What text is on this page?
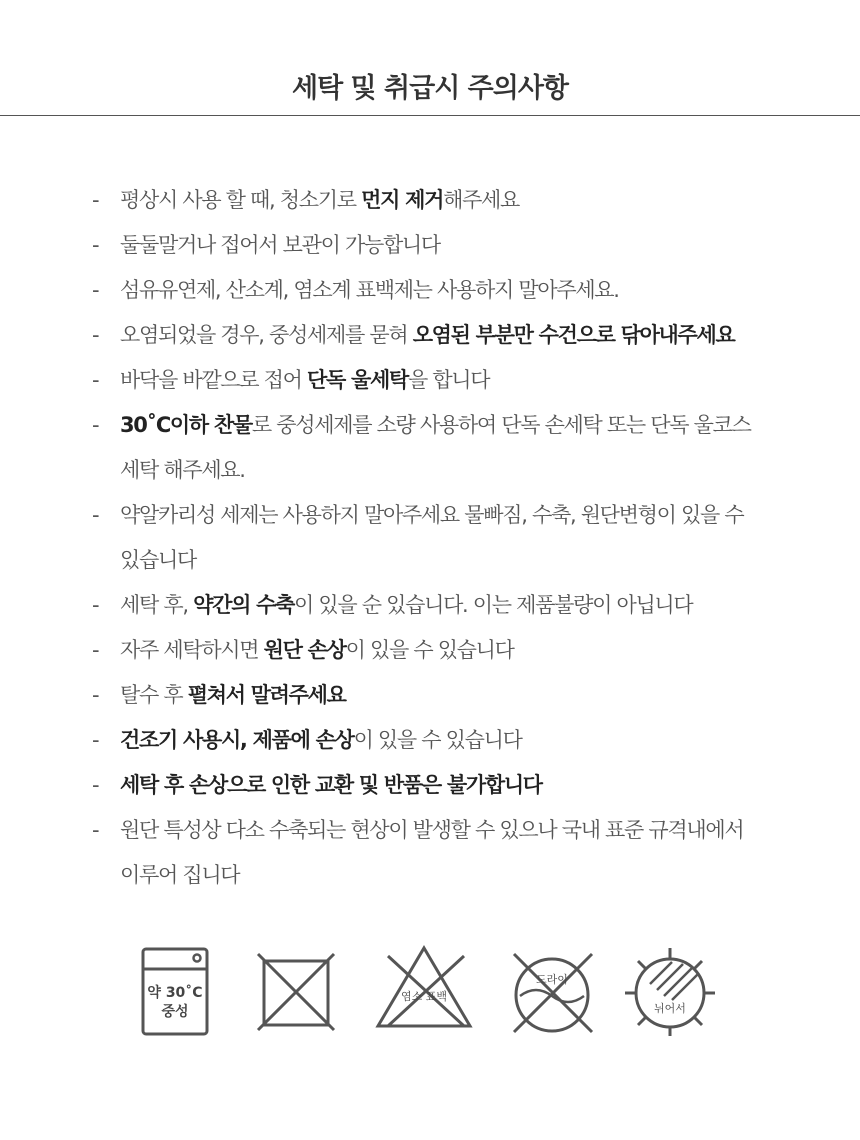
세탁 및 취급시 주의사항
- 평상시 사용 할 때, 청소기로 먼지 제거해주세요
- 둘둘말거나 접어서 보관이 가능합니다
- 섬유유연제, 산소계, 염소계 표백제는 사용하지 말아주세요.
- 오염되었을 경우, 중성세제를 묻혀 오염된 부분만 수건으로 닦아내주세요
- 바닥을 바깥으로 접어 단독 울세탁을 합니다
- 30˚C이하 찬물로 중성세제를 소량 사용하여 단독 손세탁 또는 단독 울코스
세탁 해주세요.
- 약알카리성 세제는 사용하지 말아주세요 물빠짐, 수축, 원단변형이 있을 수
있습니다
- 세탁 후, 약간의 수축이 있을 순 있습니다. 이는 제품불량이 아닙니다
- 자주 세탁하시면 원단 손상이 있을 수 있습니다
- 탈수 후 펼쳐서 말려주세요
- 건조기 사용시, 제품에 손상이 있을 수 있습니다
- 세탁 후 손상으로 인한 교환 및 반품은 불가합니다
- 원단 특성상 다소 수축되는 현상이 발생할 수 있으나 국내 표준 규격내에서
이루어 집니다
약 30˚C
중성
염소 표백
드라이
뉘어서
